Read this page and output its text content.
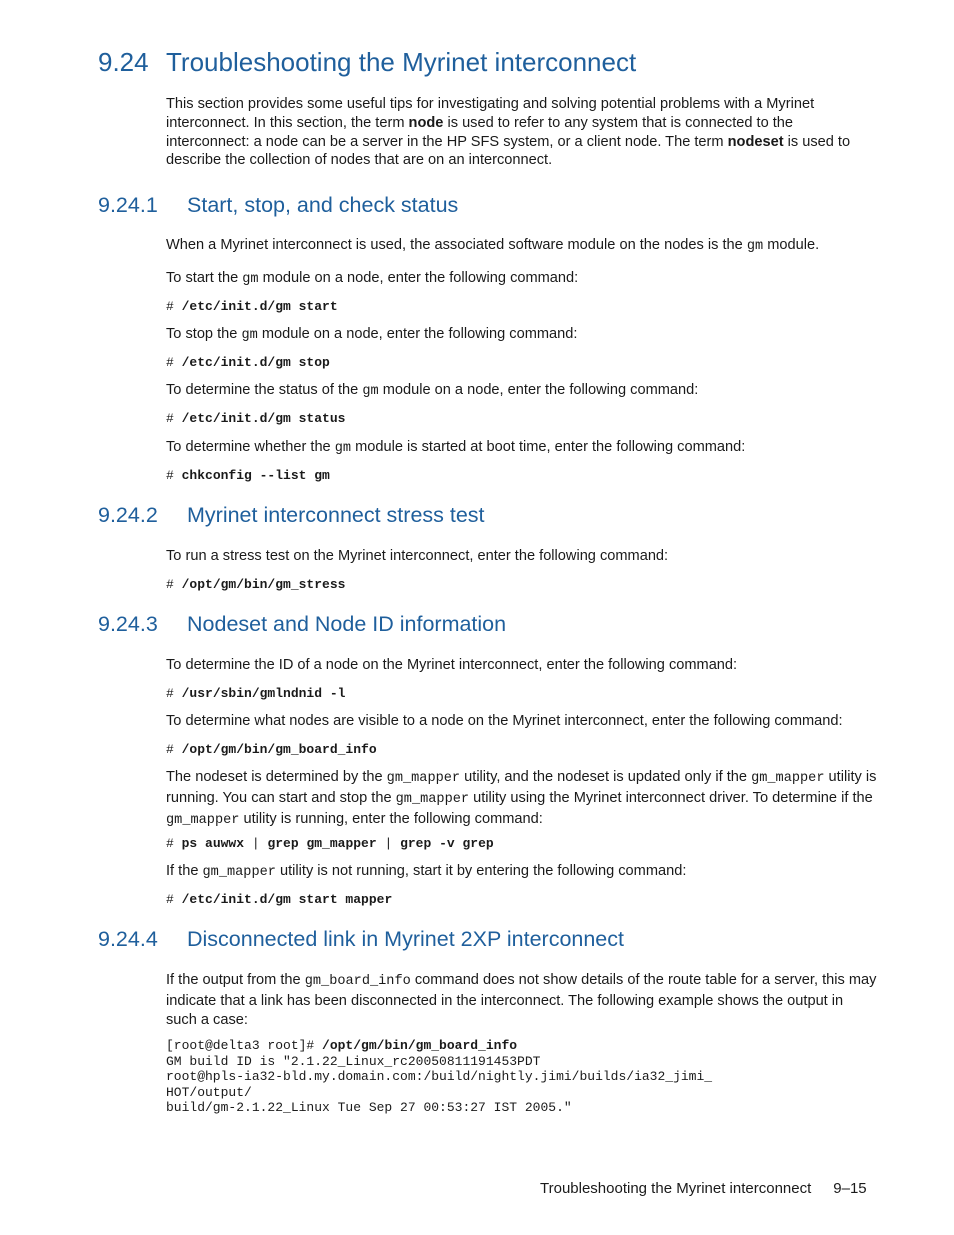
9.24 Troubleshooting the Myrinet interconnect

This section provides some useful tips for investigating and solving potential problems with a Myrinet interconnect. In this section, the term node is used to refer to any system that is connected to the interconnect: a node can be a server in the HP SFS system, or a client node. The term nodeset is used to describe the collection of nodes that are on an interconnect.

9.24.1 Start, stop, and check status

When a Myrinet interconnect is used, the associated software module on the nodes is the gm module.

To start the gm module on a node, enter the following command:

# /etc/init.d/gm start

To stop the gm module on a node, enter the following command:

# /etc/init.d/gm stop

To determine the status of the gm module on a node, enter the following command:

# /etc/init.d/gm status

To determine whether the gm module is started at boot time, enter the following command:

# chkconfig --list gm

9.24.2 Myrinet interconnect stress test

To run a stress test on the Myrinet interconnect, enter the following command:

# /opt/gm/bin/gm_stress

9.24.3 Nodeset and Node ID information

To determine the ID of a node on the Myrinet interconnect, enter the following command:

# /usr/sbin/gmlndnid -l

To determine what nodes are visible to a node on the Myrinet interconnect, enter the following command:

# /opt/gm/bin/gm_board_info

The nodeset is determined by the gm_mapper utility, and the nodeset is updated only if the gm_mapper utility is running. You can start and stop the gm_mapper utility using the Myrinet interconnect driver. To determine if the gm_mapper utility is running, enter the following command:

# ps auwwx | grep gm_mapper | grep -v grep

If the gm_mapper utility is not running, start it by entering the following command:

# /etc/init.d/gm start mapper

9.24.4 Disconnected link in Myrinet 2XP interconnect

If the output from the gm_board_info command does not show details of the route table for a server, this may indicate that a link has been disconnected in the interconnect. The following example shows the output in such a case:

[root@delta3 root]# /opt/gm/bin/gm_board_info
GM build ID is "2.1.22_Linux_rc20050811191453PDT
root@hpls-ia32-bld.my.domain.com:/build/nightly.jimi/builds/ia32_jimi_
HOT/output/
build/gm-2.1.22_Linux Tue Sep 27 00:53:27 IST 2005."
Troubleshooting the Myrinet interconnect 9–15
